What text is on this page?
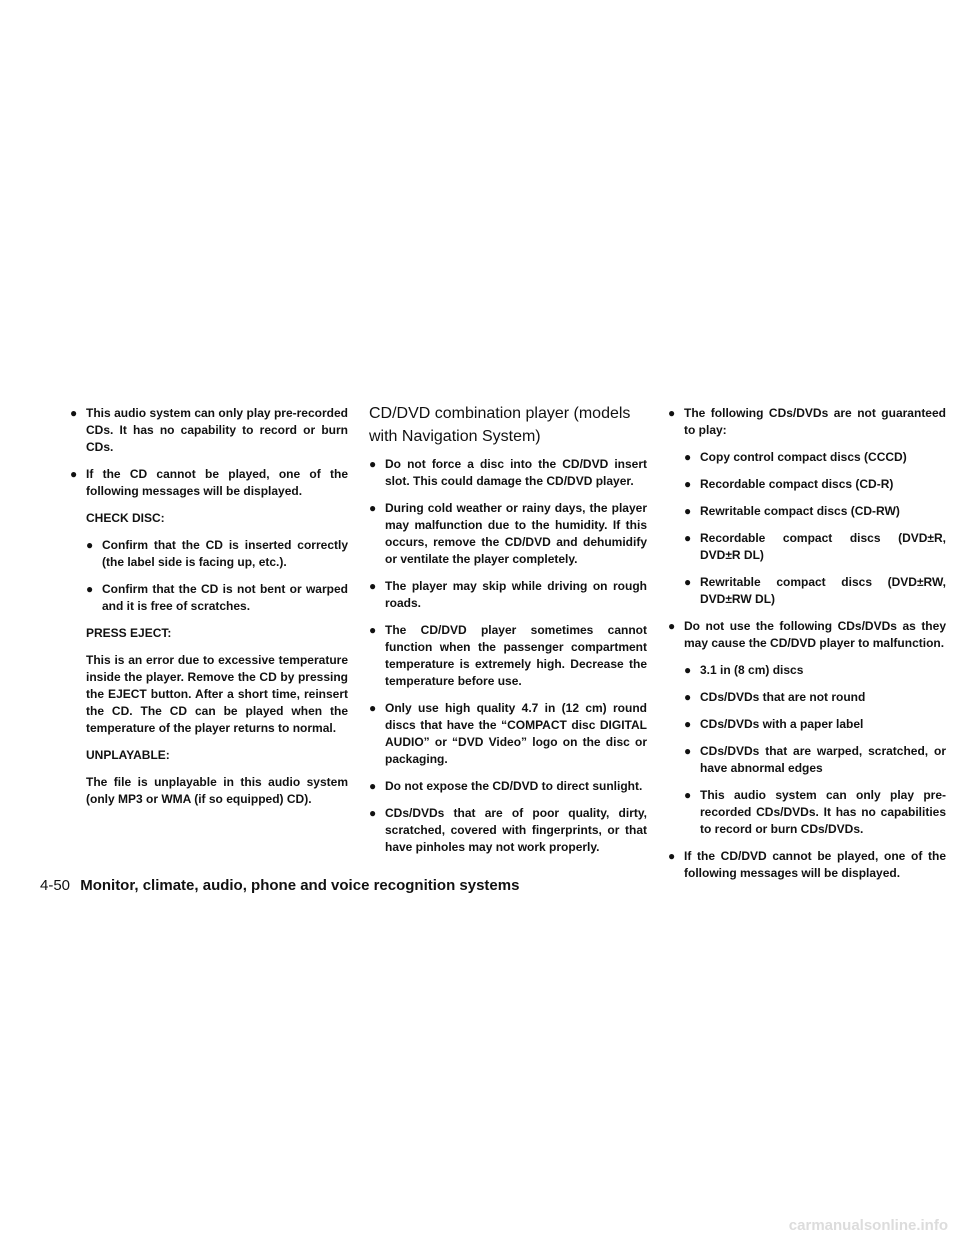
● This audio system can only play pre-recorded CDs. It has no capability to record or burn CDs.
● If the CD cannot be played, one of the following messages will be displayed.
CHECK DISC:
● Confirm that the CD is inserted correctly (the label side is facing up, etc.).
● Confirm that the CD is not bent or warped and it is free of scratches.
PRESS EJECT:
This is an error due to excessive temperature inside the player. Remove the CD by pressing the EJECT button. After a short time, reinsert the CD. The CD can be played when the temperature of the player returns to normal.
UNPLAYABLE:
The file is unplayable in this audio system (only MP3 or WMA (if so equipped) CD).
CD/DVD combination player (models with Navigation System)
● Do not force a disc into the CD/DVD insert slot. This could damage the CD/DVD player.
● During cold weather or rainy days, the player may malfunction due to the humidity. If this occurs, remove the CD/DVD and dehumidify or ventilate the player completely.
● The player may skip while driving on rough roads.
● The CD/DVD player sometimes cannot function when the passenger compartment temperature is extremely high. Decrease the temperature before use.
● Only use high quality 4.7 in (12 cm) round discs that have the “COMPACT disc DIGITAL AUDIO” or “DVD Video” logo on the disc or packaging.
● Do not expose the CD/DVD to direct sunlight.
● CDs/DVDs that are of poor quality, dirty, scratched, covered with fingerprints, or that have pinholes may not work properly.
● The following CDs/DVDs are not guaranteed to play:
● Copy control compact discs (CCCD)
● Recordable compact discs (CD-R)
● Rewritable compact discs (CD-RW)
● Recordable compact discs (DVD±R, DVD±R DL)
● Rewritable compact discs (DVD±RW, DVD±RW DL)
● Do not use the following CDs/DVDs as they may cause the CD/DVD player to malfunction.
● 3.1 in (8 cm) discs
● CDs/DVDs that are not round
● CDs/DVDs with a paper label
● CDs/DVDs that are warped, scratched, or have abnormal edges
● This audio system can only play pre-recorded CDs/DVDs. It has no capabilities to record or burn CDs/DVDs.
● If the CD/DVD cannot be played, one of the following messages will be displayed.
4-50 Monitor, climate, audio, phone and voice recognition systems
carmanualsonline.info
